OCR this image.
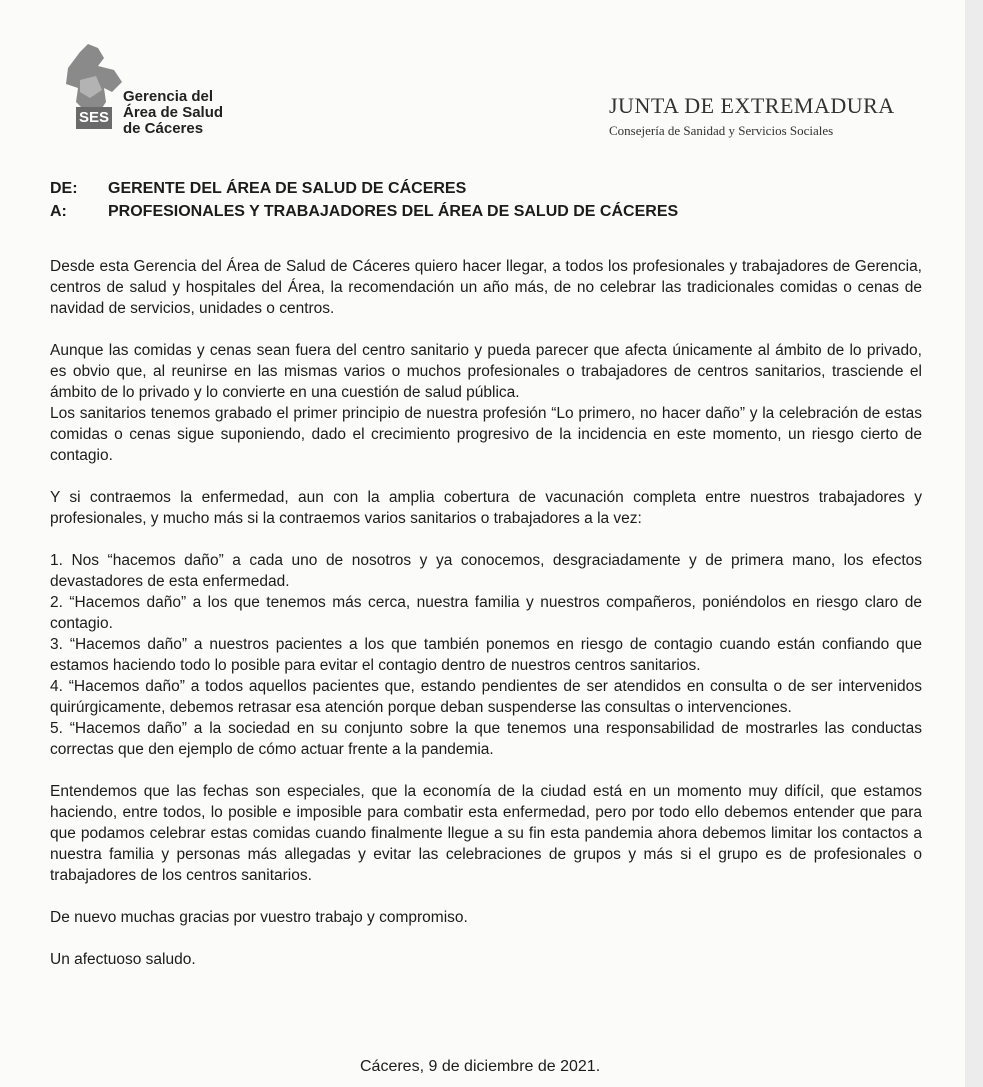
SES
Gerencia del
Área de Salud
de Cáceres
JUNTA DE EXTREMADURA
Consejería de Sanidad y Servicios Sociales
DE:	GERENTE DEL ÁREA DE SALUD DE CÁCERES
A:	PROFESIONALES Y TRABAJADORES DEL ÁREA DE SALUD DE CÁCERES

Desde esta Gerencia del Área de Salud de Cáceres quiero hacer llegar, a todos los profesionales y trabajadores de Gerencia, centros de salud y hospitales del Área, la recomendación un año más, de no celebrar las tradicionales comidas o cenas de navidad de servicios, unidades o centros.

Aunque las comidas y cenas sean fuera del centro sanitario y pueda parecer que afecta únicamente al ámbito de lo privado, es obvio que, al reunirse en las mismas varios o muchos profesionales o trabajadores de centros sanitarios, trasciende el ámbito de lo privado y lo convierte en una cuestión de salud pública.

Los sanitarios tenemos grabado el primer principio de nuestra profesión “Lo primero, no hacer daño” y la celebración de estas comidas o cenas sigue suponiendo, dado el crecimiento progresivo de la incidencia en este momento, un riesgo cierto de contagio.

Y si contraemos la enfermedad, aun con la amplia cobertura de vacunación completa entre nuestros trabajadores y profesionales, y mucho más si la contraemos varios sanitarios o trabajadores a la vez:

1. Nos “hacemos daño” a cada uno de nosotros y ya conocemos, desgraciadamente y de primera mano, los efectos devastadores de esta enfermedad.

2. “Hacemos daño” a los que tenemos más cerca, nuestra familia y nuestros compañeros, poniéndolos en riesgo claro de contagio.

3. “Hacemos daño” a nuestros pacientes a los que también ponemos en riesgo de contagio cuando están confiando que estamos haciendo todo lo posible para evitar el contagio dentro de nuestros centros sanitarios.

4. “Hacemos daño” a todos aquellos pacientes que, estando pendientes de ser atendidos en consulta o de ser intervenidos quirúrgicamente, debemos retrasar esa atención porque deban suspenderse las consultas o intervenciones.

5. “Hacemos daño” a la sociedad en su conjunto sobre la que tenemos una responsabilidad de mostrarles las conductas correctas que den ejemplo de cómo actuar frente a la pandemia.

Entendemos que las fechas son especiales, que la economía de la ciudad está en un momento muy difícil, que estamos haciendo, entre todos, lo posible e imposible para combatir esta enfermedad, pero por todo ello debemos entender que para que podamos celebrar estas comidas cuando finalmente llegue a su fin esta pandemia ahora debemos limitar los contactos a nuestra familia y personas más allegadas y evitar las celebraciones de grupos y más si el grupo es de profesionales o trabajadores de los centros sanitarios.

De nuevo muchas gracias por vuestro trabajo y compromiso.

Un afectuoso saludo.

Cáceres, 9 de diciembre de 2021.
